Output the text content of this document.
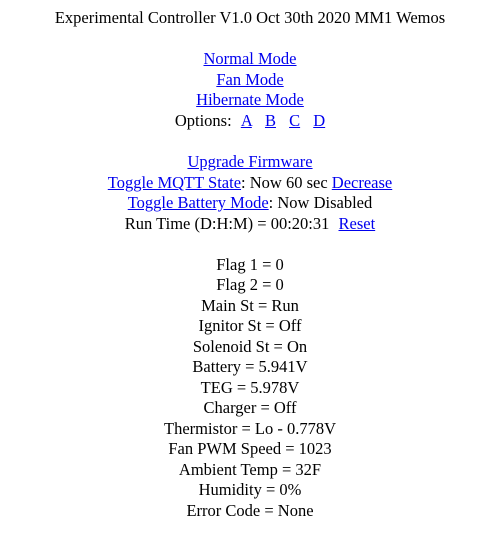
Experimental Controller V1.0 Oct 30th 2020 MM1 Wemos
Normal Mode
Fan Mode
Hibernate Mode
Options: A B C D
Upgrade Firmware
Toggle MQTT State: Now 60 sec Decrease
Toggle Battery Mode: Now Disabled
Run Time (D:H:M) = 00:20:31 Reset
Flag 1 = 0
Flag 2 = 0
Main St = Run
Ignitor St = Off
Solenoid St = On
Battery = 5.941V
TEG = 5.978V
Charger = Off
Thermistor = Lo - 0.778V
Fan PWM Speed = 1023
Ambient Temp = 32F
Humidity = 0%
Error Code = None
